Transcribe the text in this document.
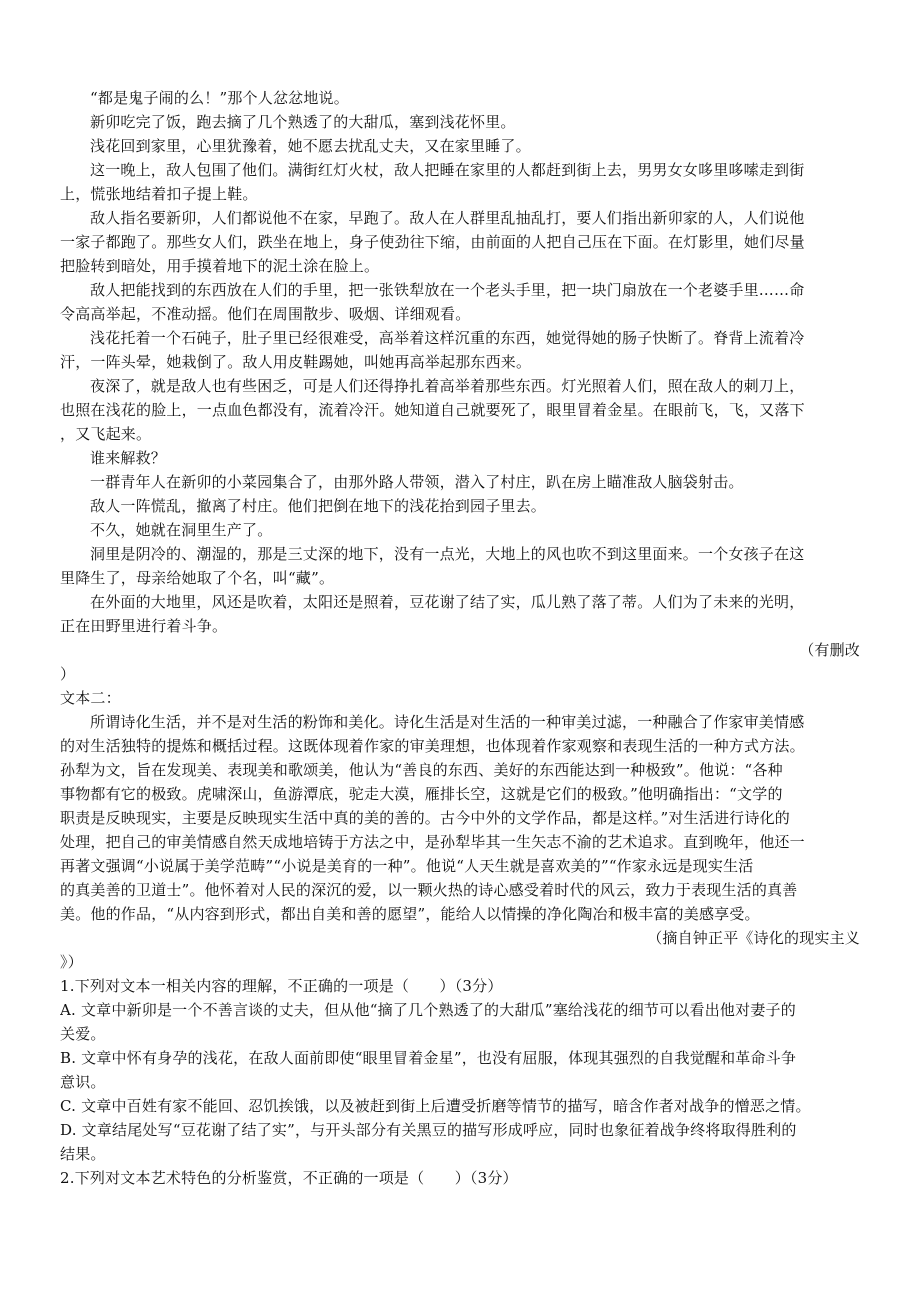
“都是鬼子闹的么！”那个人忿忿地说。
新卯吃完了饭，跑去摘了几个熟透了的大甜瓜，塞到浅花怀里。
浅花回到家里，心里犹豫着，她不愿去扰乱丈夫，又在家里睡了。
这一晚上，敌人包围了他们。满街红灯火杖，敌人把睡在家里的人都赶到街上去，男男女女哆里哆嗦走到街
上，慌张地结着扣子提上鞋。
敌人指名要新卯，人们都说他不在家，早跑了。敌人在人群里乱抽乱打，要人们指出新卯家的人，人们说他
一家子都跑了。那些女人们，跌坐在地上，身子使劲往下缩，由前面的人把自己压在下面。在灯影里，她们尽量
把脸转到暗处，用手摸着地下的泥土涂在脸上。
敌人把能找到的东西放在人们的手里，把一张铁犁放在一个老头手里，把一块门扇放在一个老婆手里……命
令高高举起，不准动摇。他们在周围散步、吸烟、详细观看。
浅花托着一个石砘子，肚子里已经很难受，高举着这样沉重的东西，她觉得她的肠子快断了。脊背上流着冷
汗，一阵头晕，她栽倒了。敌人用皮鞋踢她，叫她再高举起那东西来。
夜深了，就是敌人也有些困乏，可是人们还得挣扎着高举着那些东西。灯光照着人们，照在敌人的刺刀上，
也照在浅花的脸上，一点血色都没有，流着冷汗。她知道自己就要死了，眼里冒着金星。在眼前飞，飞，又落下
，又飞起来。
谁来解救？
一群青年人在新卯的小菜园集合了，由那外路人带领，潜入了村庄，趴在房上瞄准敌人脑袋射击。
敌人一阵慌乱，撤离了村庄。他们把倒在地下的浅花抬到园子里去。
不久，她就在洞里生产了。
洞里是阴冷的、潮湿的，那是三丈深的地下，没有一点光，大地上的风也吹不到这里面来。一个女孩子在这
里降生了，母亲给她取了个名，叫“藏”。
在外面的大地里，风还是吹着，太阳还是照着，豆花谢了结了实，瓜儿熟了落了蒂。人们为了未来的光明，
正在田野里进行着斗争。
（有删改
）
文本二：
所谓诗化生活，并不是对生活的粉饰和美化。诗化生活是对生活的一种审美过滤，一种融合了作家审美情感
的对生活独特的提炼和概括过程。这既体现着作家的审美理想，也体现着作家观察和表现生活的一种方式方法。
孙犁为文，旨在发现美、表现美和歌颂美，他认为“善良的东西、美好的东西能达到一种极致”。他说：“各种
事物都有它的极致。虎啸深山，鱼游潭底，驼走大漠，雁排长空，这就是它们的极致。”他明确指出：“文学的
职责是反映现实，主要是反映现实生活中真的美的善的。古今中外的文学作品，都是这样。”对生活进行诗化的
处理，把自己的审美情感自然天成地培铸于方法之中，是孙犁毕其一生矢志不渝的艺术追求。直到晚年，他还一
再著文强调“小说属于美学范畴”“小说是美育的一种”。他说“人天生就是喜欢美的”“作家永远是现实生活
的真美善的卫道士”。他怀着对人民的深沉的爱，以一颗火热的诗心感受着时代的风云，致力于表现生活的真善
美。他的作品，“从内容到形式，都出自美和善的愿望”，能给人以情操的净化陶冶和极丰富的美感享受。
（摘自钟正平《诗化的现实主义
》）
1.下列对文本一相关内容的理解，不正确的一项是（　　）（3分）
A. 文章中新卯是一个不善言谈的丈夫，但从他“摘了几个熟透了的大甜瓜”塞给浅花的细节可以看出他对妻子的
关爱。
B. 文章中怀有身孕的浅花，在敌人面前即使“眼里冒着金星”，也没有屈服，体现其强烈的自我觉醒和革命斗争
意识。
C. 文章中百姓有家不能回、忍饥挨饿，以及被赶到街上后遭受折磨等情节的描写，暗含作者对战争的憎恶之情。
D. 文章结尾处写“豆花谢了结了实”，与开头部分有关黑豆的描写形成呼应，同时也象征着战争终将取得胜利的
结果。
2.下列对文本艺术特色的分析鉴赏，不正确的一项是（　　）（3分）
